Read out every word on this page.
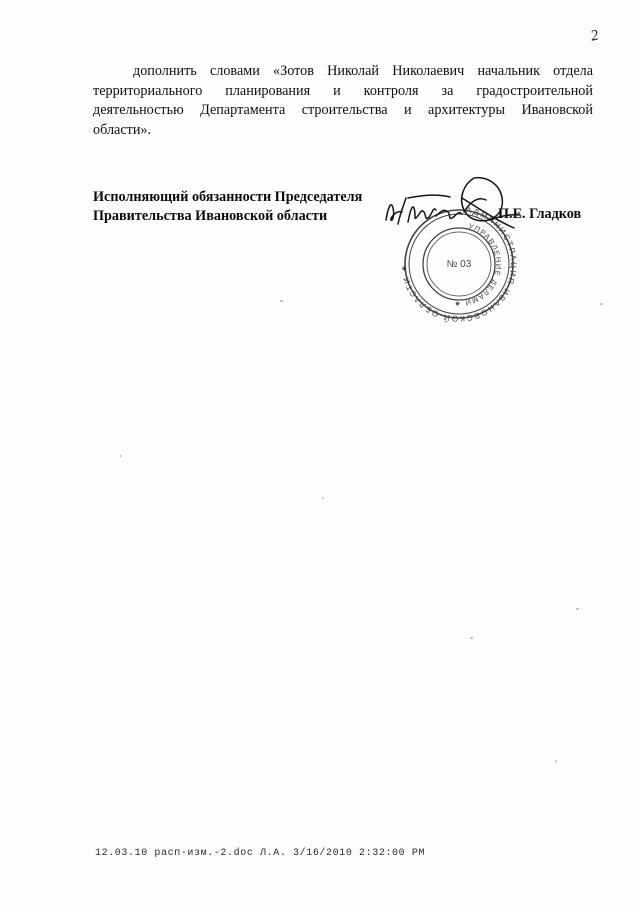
2
дополнить словами «Зотов Николай Николаевич начальник отдела территориального планирования и контроля за градостроительной деятельностью Департамента строительства и архитектуры Ивановской области».
Исполняющий обязанности Председателя
Правительства Ивановской области	П.Е. Гладков
АДМИНИСТРАЦИЯ ИВАНОВСКОЙ ОБЛАСТИ ✷
УПРАВЛЕНИЕ ДЕЛАМИ ✷
№ 03
12.03.10 расп-изм.-2.doc Л.А. 3/16/2010 2:32:00 PM
